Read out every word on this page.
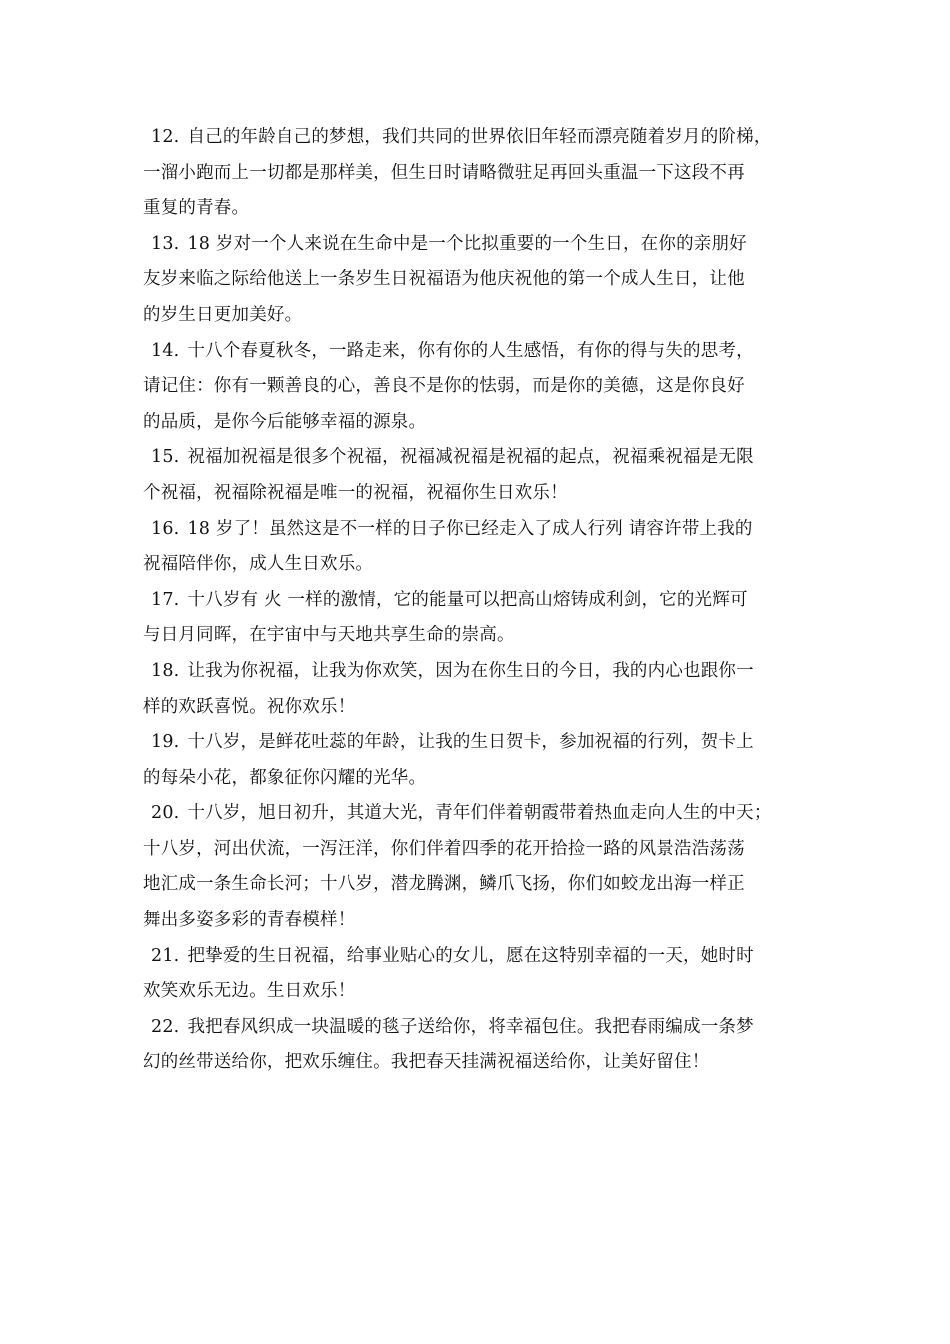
12. 自己的年龄自己的梦想，我们共同的世界依旧年轻而漂亮随着岁月的阶梯，
一溜小跑而上一切都是那样美，但生日时请略微驻足再回头重温一下这段不再
重复的青春。
13. 18 岁对一个人来说在生命中是一个比拟重要的一个生日，在你的亲朋好
友岁来临之际给他送上一条岁生日祝福语为他庆祝他的第一个成人生日，让他
的岁生日更加美好。
14. 十八个春夏秋冬，一路走来，你有你的人生感悟，有你的得与失的思考，
请记住：你有一颗善良的心，善良不是你的怯弱，而是你的美德，这是你良好
的品质，是你今后能够幸福的源泉。
15. 祝福加祝福是很多个祝福，祝福减祝福是祝福的起点，祝福乘祝福是无限
个祝福，祝福除祝福是唯一的祝福，祝福你生日欢乐！
16. 18 岁了！虽然这是不一样的日子你已经走入了成人行列 请容许带上我的
祝福陪伴你，成人生日欢乐。
17. 十八岁有 火 一样的激情，它的能量可以把高山熔铸成利剑，它的光辉可
与日月同晖，在宇宙中与天地共享生命的崇高。
18. 让我为你祝福，让我为你欢笑，因为在你生日的今日，我的内心也跟你一
样的欢跃喜悦。祝你欢乐！
19. 十八岁，是鲜花吐蕊的年龄，让我的生日贺卡，参加祝福的行列，贺卡上
的每朵小花，都象征你闪耀的光华。
20. 十八岁，旭日初升，其道大光，青年们伴着朝霞带着热血走向人生的中天；
十八岁，河出伏流，一泻汪洋，你们伴着四季的花开拾捡一路的风景浩浩荡荡
地汇成一条生命长河；十八岁，潜龙腾渊，鳞爪飞扬，你们如蛟龙出海一样正
舞出多姿多彩的青春模样！
21. 把挚爱的生日祝福，给事业贴心的女儿，愿在这特别幸福的一天，她时时
欢笑欢乐无边。生日欢乐！
22. 我把春风织成一块温暖的毯子送给你，将幸福包住。我把春雨编成一条梦
幻的丝带送给你，把欢乐缠住。我把春天挂满祝福送给你，让美好留住！
